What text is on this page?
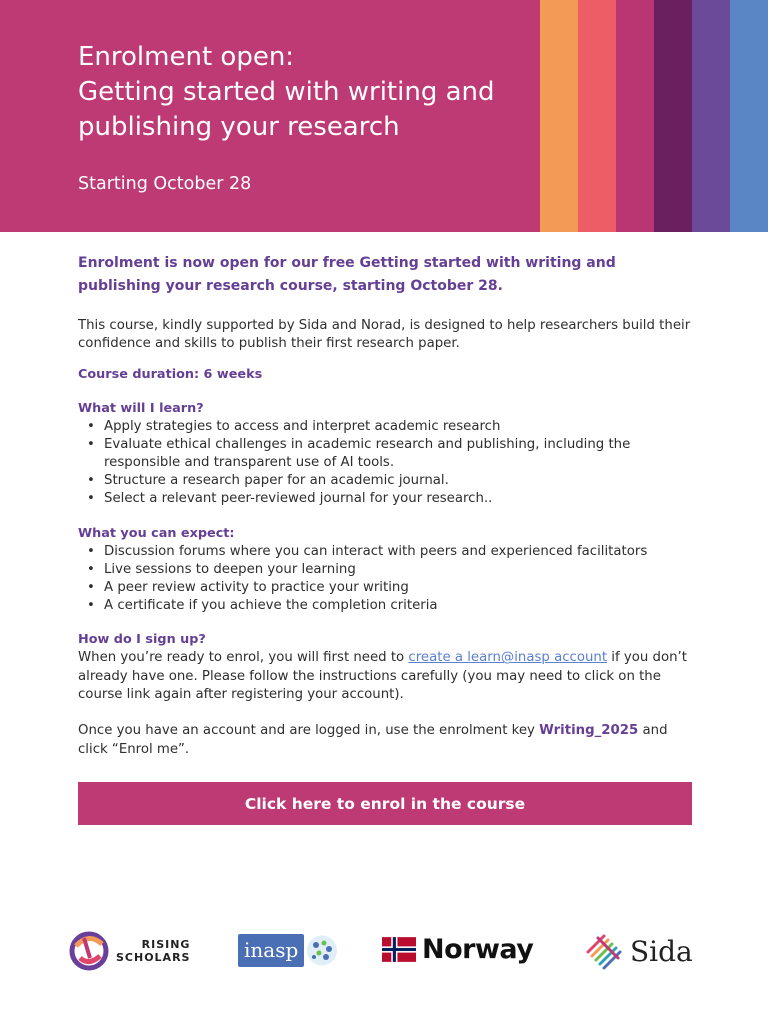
Enrolment open:
Getting started with writing and
publishing your research
Starting October 28
Enrolment is now open for our free Getting started with writing and publishing your research course, starting October 28.

This course, kindly supported by Sida and Norad, is designed to help researchers build their confidence and skills to publish their first research paper.

Course duration: 6 weeks
What will I learn?
• Apply strategies to access and interpret academic research
• Evaluate ethical challenges in academic research and publishing, including the responsible and transparent use of AI tools.
• Structure a research paper for an academic journal.
• Select a relevant peer-reviewed journal for your research..
What you can expect:
• Discussion forums where you can interact with peers and experienced facilitators
• Live sessions to deepen your learning
• A peer review activity to practice your writing
• A certificate if you achieve the completion criteria
How do I sign up?

When you’re ready to enrol, you will first need to create a learn@inasp account if you don’t already have one. Please follow the instructions carefully (you may need to click on the course link again after registering your account).

Once you have an account and are logged in, use the enrolment key Writing_2025 and click “Enrol me”.

Click here to enrol in the course
RISING
SCHOLARS	inasp	Norway	Sida
